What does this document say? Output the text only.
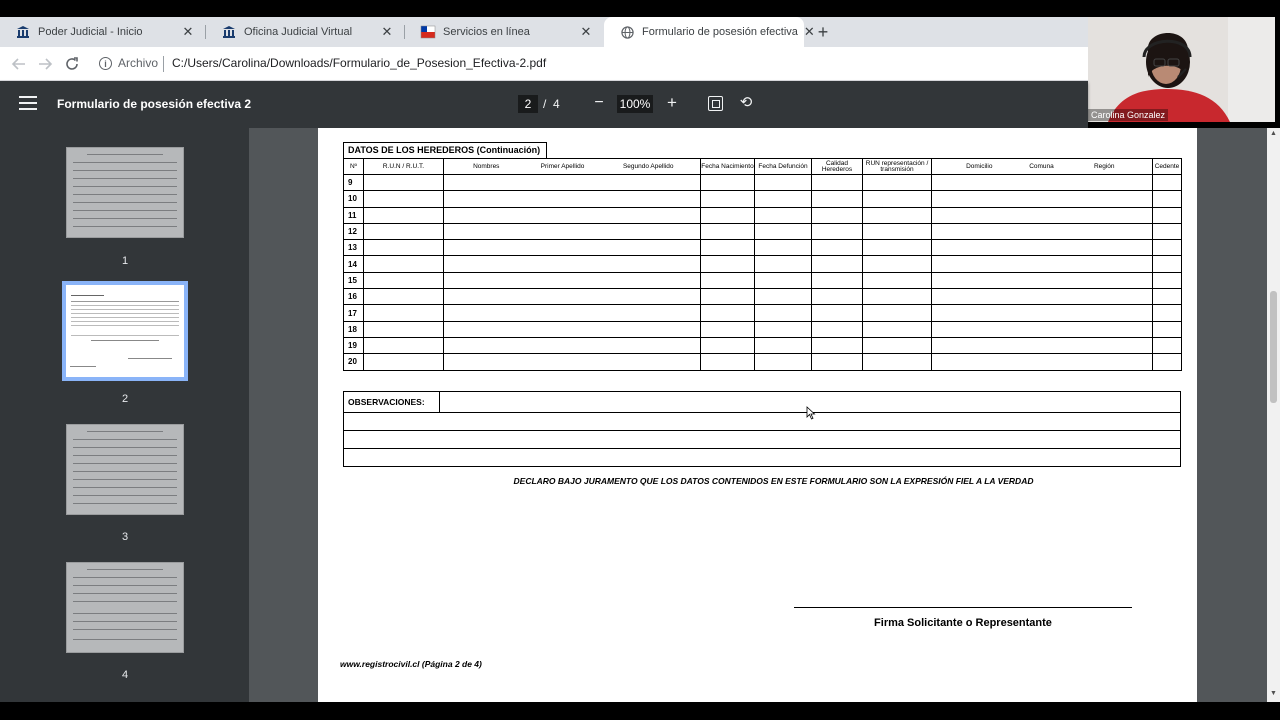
Poder Judicial - Inicio	✕	Oficina Judicial Virtual	✕	Servicios en línea	✕	Formulario de posesión efectiva ✕ +
i Archivo C:/Users/Carolina/Downloads/Formulario_de_Posesion_Efectiva-2.pdf
Carolina Gonzalez
Formulario de posesión efectiva 2	2 / 4 − 100% +	⟲
1
2
3
4
DATOS DE LOS HEREDEROS (Continuación)
Nº	R.U.N / R.U.T.	Nombres	Primer Apellido	Segundo Apellido	Fecha Nacimiento	Fecha Defunción	Calidad Herederos	RUN representación / transmisión	Domicilio	Comuna	Región	Cedente
9												
10												
11												
12												
13												
14												
15												
16												
17												
18												
19												
20												
OBSERVACIONES:
DECLARO BAJO JURAMENTO QUE LOS DATOS CONTENIDOS EN ESTE FORMULARIO SON LA EXPRESIÓN FIEL A LA VERDAD
Firma Solicitante o Representante
www.registrocivil.cl (Página 2 de 4)
▲
▼
